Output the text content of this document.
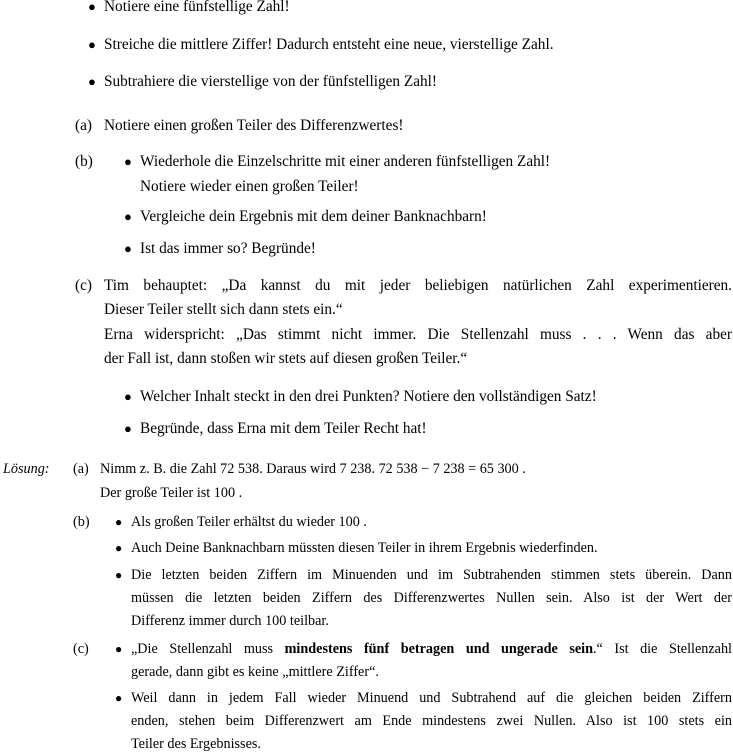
● Notiere eine fünfstellige Zahl!
● Streiche die mittlere Ziffer! Dadurch entsteht eine neue, vierstellige Zahl.
● Subtrahiere die vierstellige von der fünfstelligen Zahl!
(a) Notiere einen großen Teiler des Differenzwertes!
(b) ● Wiederhole die Einzelschritte mit einer anderen fünfstelligen Zahl!
Notiere wieder einen großen Teiler!
● Vergleiche dein Ergebnis mit dem deiner Banknachbarn!
● Ist das immer so? Begründe!
(c) Tim behauptet: „Da kannst du mit jeder beliebigen natürlichen Zahl experimentieren.
Dieser Teiler stellt sich dann stets ein.“
Erna widerspricht: „Das stimmt nicht immer. Die Stellenzahl muss . . . Wenn das aber
der Fall ist, dann stoßen wir stets auf diesen großen Teiler.“
● Welcher Inhalt steckt in den drei Punkten? Notiere den vollständigen Satz!
● Begründe, dass Erna mit dem Teiler Recht hat!
Lösung: (a) Nimm z. B. die Zahl 72 538. Daraus wird 7 238. 72 538 − 7 238 = 65 300 .
Der große Teiler ist 100 .
(b) ● Als großen Teiler erhältst du wieder 100 .
● Auch Deine Banknachbarn müssten diesen Teiler in ihrem Ergebnis wiederfinden.
● Die letzten beiden Ziffern im Minuenden und im Subtrahenden stimmen stets überein. Dann
müssen die letzten beiden Ziffern des Differenzwertes Nullen sein. Also ist der Wert der
Differenz immer durch 100 teilbar.
(c) ● „Die Stellenzahl muss mindestens fünf betragen und ungerade sein.“ Ist die Stellenzahl
gerade, dann gibt es keine „mittlere Ziffer“.
● Weil dann in jedem Fall wieder Minuend und Subtrahend auf die gleichen beiden Ziffern
enden, stehen beim Differenzwert am Ende mindestens zwei Nullen. Also ist 100 stets ein
Teiler des Ergebnisses.
